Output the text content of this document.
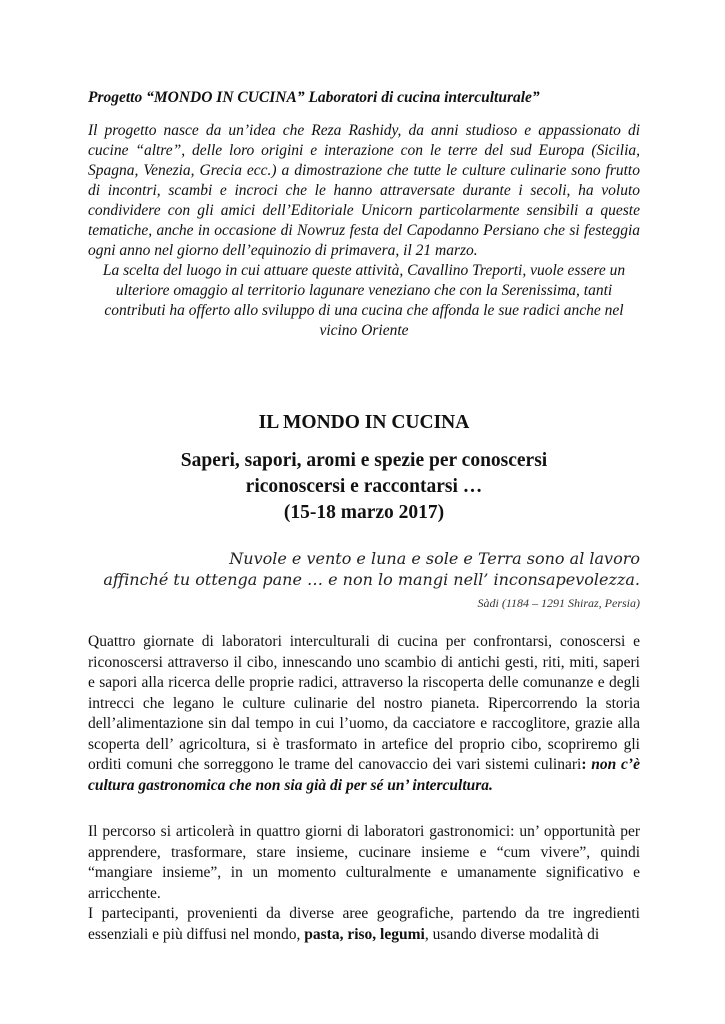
Progetto “MONDO IN CUCINA” Laboratori di cucina interculturale”

Il progetto nasce da un’idea che Reza Rashidy, da anni studioso e appassionato di cucine “altre”, delle loro origini e interazione con le terre del sud Europa (Sicilia, Spagna, Venezia, Grecia ecc.) a dimostrazione che tutte le culture culinarie sono frutto di incontri, scambi e incroci che le hanno attraversate durante i secoli, ha voluto condividere con gli amici dell’Editoriale Unicorn particolarmente sensibili a queste tematiche, anche in occasione di Nowruz festa del Capodanno Persiano che si festeggia ogni anno nel giorno dell’equinozio di primavera, il 21 marzo.

La scelta del luogo in cui attuare queste attività, Cavallino Treporti, vuole essere un ulteriore omaggio al territorio lagunare veneziano che con la Serenissima, tanti contributi ha offerto allo sviluppo di una cucina che affonda le sue radici anche nel vicino Oriente

IL MONDO IN CUCINA
Saperi, sapori, aromi e spezie per conoscersi
riconoscersi e raccontarsi …
(15-18 marzo 2017)
Nuvole e vento e luna e sole e Terra sono al lavoro
affinché tu ottenga pane … e non lo mangi nell’ inconsapevolezza.
Sàdi (1184 – 1291 Shiraz, Persia)
Quattro giornate di laboratori interculturali di cucina per confrontarsi, conoscersi e riconoscersi attraverso il cibo, innescando uno scambio di antichi gesti, riti, miti, saperi e sapori alla ricerca delle proprie radici, attraverso la riscoperta delle comunanze e degli intrecci che legano le culture culinarie del nostro pianeta. Ripercorrendo la storia dell’alimentazione sin dal tempo in cui l’uomo, da cacciatore e raccoglitore, grazie alla scoperta dell’ agricoltura, si è trasformato in artefice del proprio cibo, scopriremo gli orditi comuni che sorreggono le trame del canovaccio dei vari sistemi culinari: non c’è cultura gastronomica che non sia già di per sé un’ intercultura.

Il percorso si articolerà in quattro giorni di laboratori gastronomici: un’ opportunità per apprendere, trasformare, stare insieme, cucinare insieme e “cum vivere”, quindi “mangiare insieme”, in un momento culturalmente e umanamente significativo e arricchente.

I partecipanti, provenienti da diverse aree geografiche, partendo da tre ingredienti essenziali e più diffusi nel mondo, pasta, riso, legumi, usando diverse modalità di
